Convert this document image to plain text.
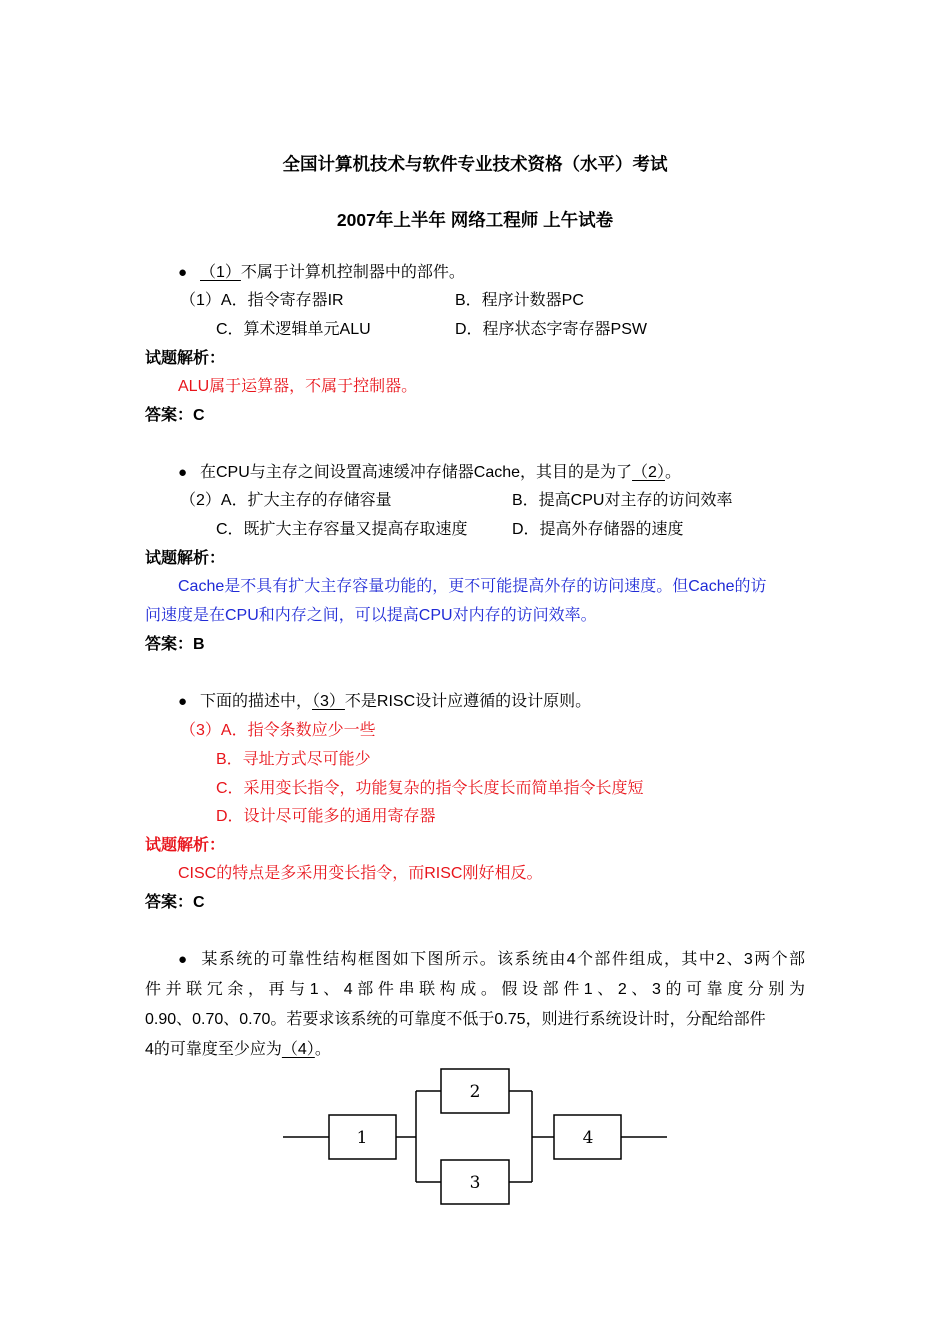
全国计算机技术与软件专业技术资格（水平）考试
2007年上半年 网络工程师 上午试卷
● （1）不属于计算机控制器中的部件。
（1）A．指令寄存器IR	B．程序计数器PC
C．算术逻辑单元ALU	D．程序状态字寄存器PSW
试题解析：
ALU属于运算器，不属于控制器。
答案：C
● 在CPU与主存之间设置高速缓冲存储器Cache，其目的是为了（2）。
（2）A．扩大主存的存储容量	B．提高CPU对主存的访问效率
C．既扩大主存容量又提高存取速度	D．提高外存储器的速度
试题解析：
Cache是不具有扩大主存容量功能的，更不可能提高外存的访问速度。但Cache的访
问速度是在CPU和内存之间，可以提高CPU对内存的访问效率。
答案：B
● 下面的描述中，（3）不是RISC设计应遵循的设计原则。
（3）A．指令条数应少一些
B．寻址方式尽可能少
C．采用变长指令，功能复杂的指令长度长而简单指令长度短
D．设计尽可能多的通用寄存器
试题解析：
CISC的特点是多采用变长指令，而RISC刚好相反。
答案：C
● 某系统的可靠性结构框图如下图所示。该系统由4个部件组成，其中2、3两个部
件并联冗余，再与1、4部件串联构成。假设部件1、2、3的可靠度分别为
0.90、0.70、0.70。若要求该系统的可靠度不低于0.75，则进行系统设计时，分配给部件
4的可靠度至少应为（4）。
1
2
3
4
